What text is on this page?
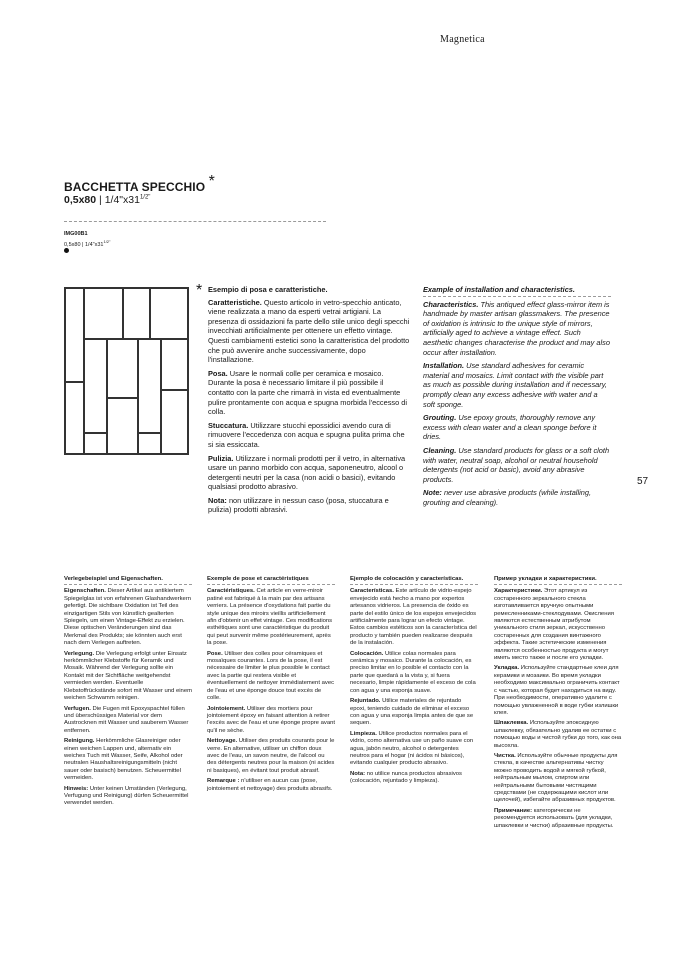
Magnetica
BACCHETTA SPECCHIO *
0,5x80 | $1/4"x31^{1/2"}$
IMG00B1
0,5x80 | $1/4"x31^{1/2"}$
57
* Esempio di posa e caratteristiche.

Caratteristiche. Questo articolo in vetro-specchio anticato, viene realizzata a mano da esperti vetrai artigiani. La presenza di ossidazioni fa parte dello stile unico degli specchi invecchiati artificialmente per ottenere un effetto vintage. Questi cambiamenti estetici sono la caratteristica del prodotto che può avvenire anche successivamente, dopo l'installazione.

Posa. Usare le normali colle per ceramica e mosaico. Durante la posa è necessario limitare il più possibile il contatto con la parte che rimarrà in vista ed eventualmente pulire prontamente con acqua e spugna morbida l'eccesso di colla.

Stuccatura. Utilizzare stucchi epossidici avendo cura di rimuovere l'eccedenza con acqua e spugna pulita prima che si sia essiccata.

Pulizia. Utilizzare i normali prodotti per il vetro, in alternativa usare un panno morbido con acqua, saponeneutro, alcool o detergenti neutri per la casa (non acidi o basici), evitando qualsiasi prodotto abrasivo.

Nota: non utilizzare in nessun caso (posa, stuccatura e pulizia) prodotti abrasivi.

Example of installation and characteristics.

Characteristics. This antiqued effect glass-mirror item is handmade by master artisan glassmakers. The presence of oxidation is intrinsic to the unique style of mirrors, artificially aged to achieve a vintage effect. Such aesthetic changes characterise the product and may also occur after installation.

Installation. Use standard adhesives for ceramic material and mosaics. Limit contact with the visible part as much as possible during installation and if necessary, promptly clean any excess adhesive with water and a soft sponge.

Grouting. Use epoxy grouts, thoroughly remove any excess with clean water and a clean sponge before it dries.

Cleaning. Use standard products for glass or a soft cloth with water, neutral soap, alcohol or neutral household detergents (not acid or basic), avoid any abrasive products.

Note: never use abrasive products (while installing, grouting and cleaning).

Verlegebeispiel und Eigenschaften.

Eigenschaften. Dieser Artikel aus antikiertem Spiegelglas ist von erfahrenen Glashandwerkern gefertigt. Die sichtbare Oxidation ist Teil des einzigartigen Stils von künstlich gealterten Spiegeln, um einen Vintage-Effekt zu erzielen. Diese optischen Veränderungen sind das Merkmal des Produkts; sie könnten auch erst nach dem Verlegen auftreten.

Verlegung. Die Verlegung erfolgt unter Einsatz herkömmlicher Klebstoffe für Keramik und Mosaik. Während der Verlegung sollte ein Kontakt mit der Sichtfläche weitgehendst vermieden werden. Eventuelle Klebstoffrückstände sofort mit Wasser und einem weichen Schwamm reinigen.

Verfugen. Die Fugen mit Epoxyspachtel füllen und überschüssiges Material vor dem Austrocknen mit Wasser und sauberem Wasser entfernen.

Reinigung. Herkömmliche Glasreiniger oder einen weichen Lappen und, alternativ ein weiches Tuch mit Wasser, Seife, Alkohol oder neutralen Haushaltsreinigungsmitteln (nicht sauer oder basisch) benutzen. Scheuermittel vermeiden.

Hinweis: Unter keinen Umständen (Verlegung, Verfugung und Reinigung) dürfen Scheuermittel verwendet werden.

Exemple de pose et caractéristiques

Caractéristiques. Cet article en verre-miroir patiné est fabriqué à la main par des artisans verriers. La présence d'oxydations fait partie du style unique des miroirs vieillis artificiellement afin d'obtenir un effet vintage. Ces modifications esthétiques sont une caractéristique du produit qui peut survenir même postérieurement, après la pose.

Pose. Utiliser des colles pour céramiques et mosaïques courantes. Lors de la pose, il est nécessaire de limiter le plus possible le contact avec la partie qui restera visible et éventuellement de nettoyer immédiatement avec de l'eau et une éponge douce tout excès de colle.

Jointoiement. Utiliser des mortiers pour jointoiement époxy en faisant attention à retirer l'excès avec de l'eau et une éponge propre avant qu'il ne sèche.

Nettoyage. Utiliser des produits courants pour le verre. En alternative, utiliser un chiffon doux avec de l'eau, un savon neutre, de l'alcool ou des détergents neutres pour la maison (ni acides ni basiques), en évitant tout produit abrasif.

Remarque : n'utiliser en aucun cas (pose, jointoiement et nettoyage) des produits abrasifs.

Ejemplo de colocación y características.

Características. Este artículo de vidrio-espejo envejecido está hecho a mano por expertos artesanos vidrieros. La presencia de óxido es parte del estilo único de los espejos envejecidos artificialmente para lograr un efecto vintage. Estos cambios estéticos son la característica del producto y también pueden realizarse después de la instalación.

Colocación. Utilice colas normales para cerámica y mosaico. Durante la colocación, es preciso limitar en lo posible el contacto con la parte que quedará a la vista y, si fuera necesario, limpie rápidamente el exceso de cola con agua y una esponja suave.

Rejuntado. Utilice materiales de rejuntado epoxi, teniendo cuidado de eliminar el exceso con agua y una esponja limpia antes de que se sequen.

Limpieza. Utilice productos normales para el vidrio, como alternativa use un paño suave con agua, jabón neutro, alcohol o detergentes neutros para el hogar (ni ácidos ni básicos), evitando cualquier producto abrasivo.

Nota: no utilice nunca productos abrasivos (colocación, rejuntado y limpieza).

Пример укладки и характеристики.

Характеристики. Этот артикул из состаренного зеркального стекла изготавливается вручную опытными ремесленниками-стеклодувами. Окисления являются естественным атрибутом уникального стиля зеркал, искусственно состаренных для создания винтажного эффекта. Такие эстетические изменения являются особенностью продукта и могут иметь место также и после его укладки.

Укладка. Используйте стандартные клеи для керамики и мозаики. Во время укладки необходимо максимально ограничить контакт с частью, которая будет находиться на виду. При необходимости, оперативно удалите с помощью увлажненной в воде губки излишки клея.

Шпаклевка. Используйте эпоксидную шпаклевку, обязательно удалив ее остатки с помощью воды и чистой губки до того, как она высохла.

Чистка. Используйте обычные продукты для стекла, в качестве альтернативы чистку можно проводить водой и мягкой губкой, нейтральным мылом, спиртом или нейтральными бытовыми чистящими средствами (не содержащими кислот или щелочей), избегайте абразивных продуктов.

Примечание: категорически не рекомендуется использовать (для укладки, шпаклевки и чистки) абразивные продукты.
